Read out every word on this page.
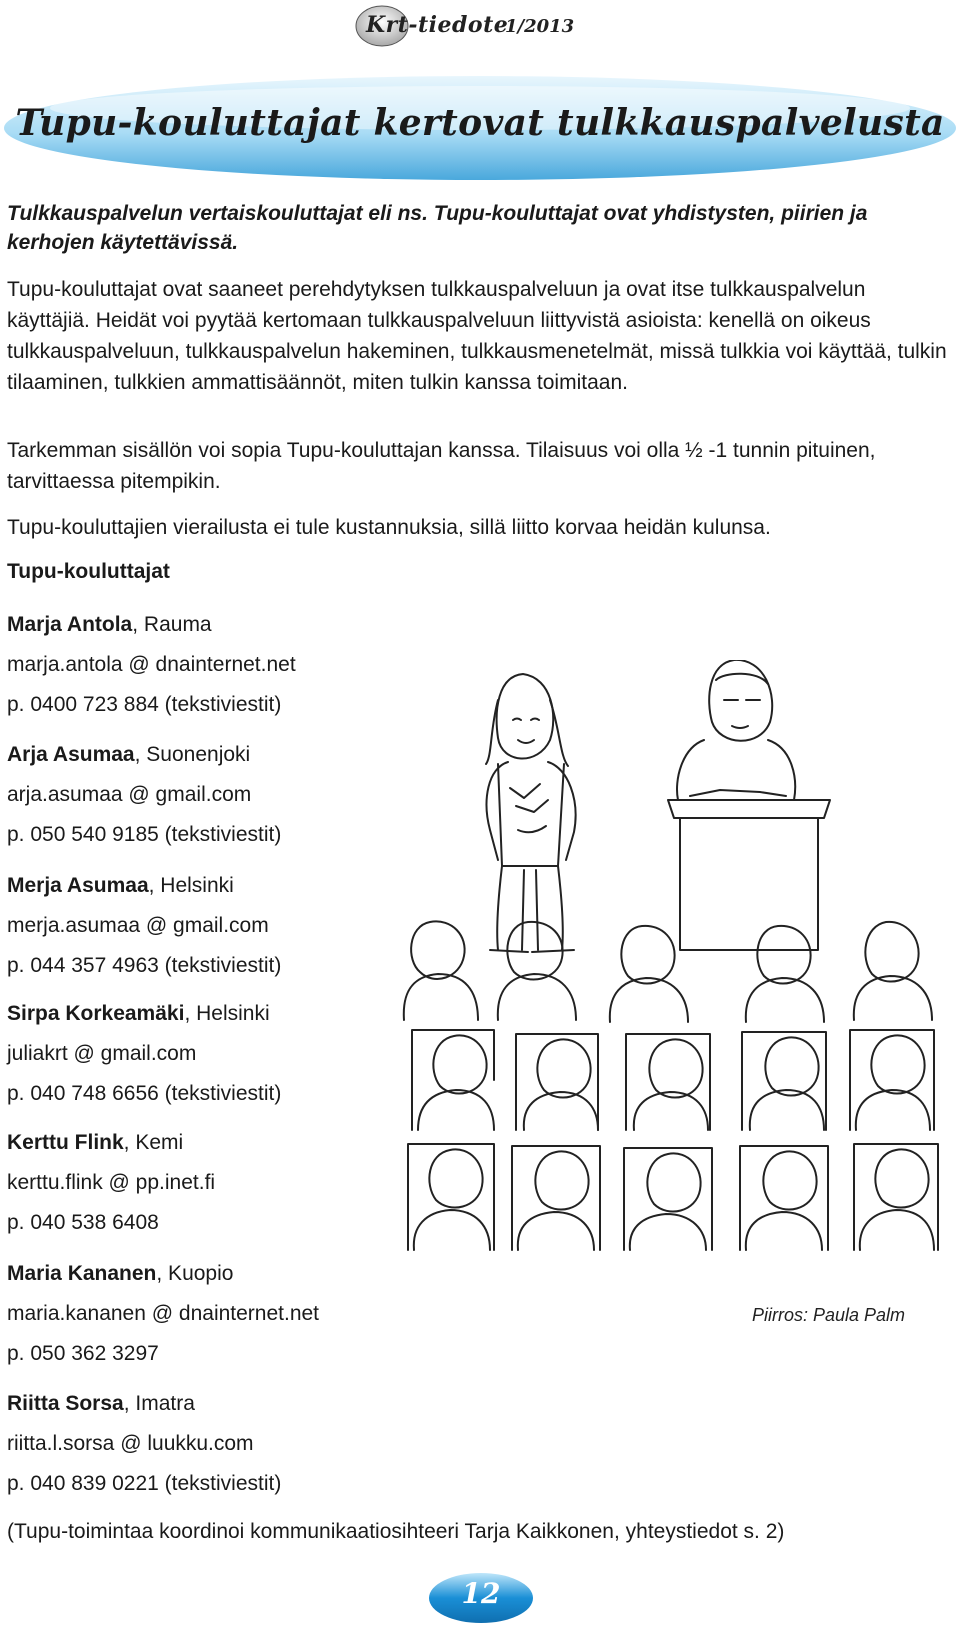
Krt-tiedote
1/2013
Tupu-kouluttajat kertovat tulkkauspalvelusta

Tulkkauspalvelun vertaiskouluttajat eli ns. Tupu-kouluttajat ovat yhdistysten, piirien ja kerhojen käytettävissä.

Tupu-kouluttajat ovat saaneet perehdytyksen tulkkauspalveluun ja ovat itse tulkkauspalvelun käyttäjiä. Heidät voi pyytää kertomaan tulkkauspalveluun liittyvistä asioista: kenellä on oikeus tulkkauspalveluun, tulkkauspalvelun hakeminen, tulkkausmenetelmät, missä tulkkia voi käyttää, tulkin tilaaminen, tulkkien ammattisäännöt, miten tulkin kanssa toimitaan.

Tarkemman sisällön voi sopia Tupu-kouluttajan kanssa. Tilaisuus voi olla ½ -1 tunnin pituinen, tarvittaessa pitempikin.

Tupu-kouluttajien vierailusta ei tule kustannuksia, sillä liitto korvaa heidän kulunsa.

Tupu-kouluttajat

Marja Antola, Rauma
marja.antola @ dnainternet.net
p. 0400 723 884 (tekstiviestit)
Arja Asumaa, Suonenjoki
arja.asumaa @ gmail.com
p. 050 540 9185 (tekstiviestit)
Merja Asumaa, Helsinki
merja.asumaa @ gmail.com
p. 044 357 4963 (tekstiviestit)
Sirpa Korkeamäki, Helsinki
juliakrt @ gmail.com
p. 040 748 6656 (tekstiviestit)
Kerttu Flink, Kemi
kerttu.flink @ pp.inet.fi
p. 040 538 6408
Maria Kananen, Kuopio
maria.kananen @ dnainternet.net
p. 050 362 3297
Riitta Sorsa, Imatra
riitta.l.sorsa @ luukku.com
p. 040 839 0221 (tekstiviestit)
Piirros: Paula Palm

(Tupu-toimintaa koordinoi kommunikaatiosihteeri Tarja Kaikkonen, yhteystiedot s. 2)

12
